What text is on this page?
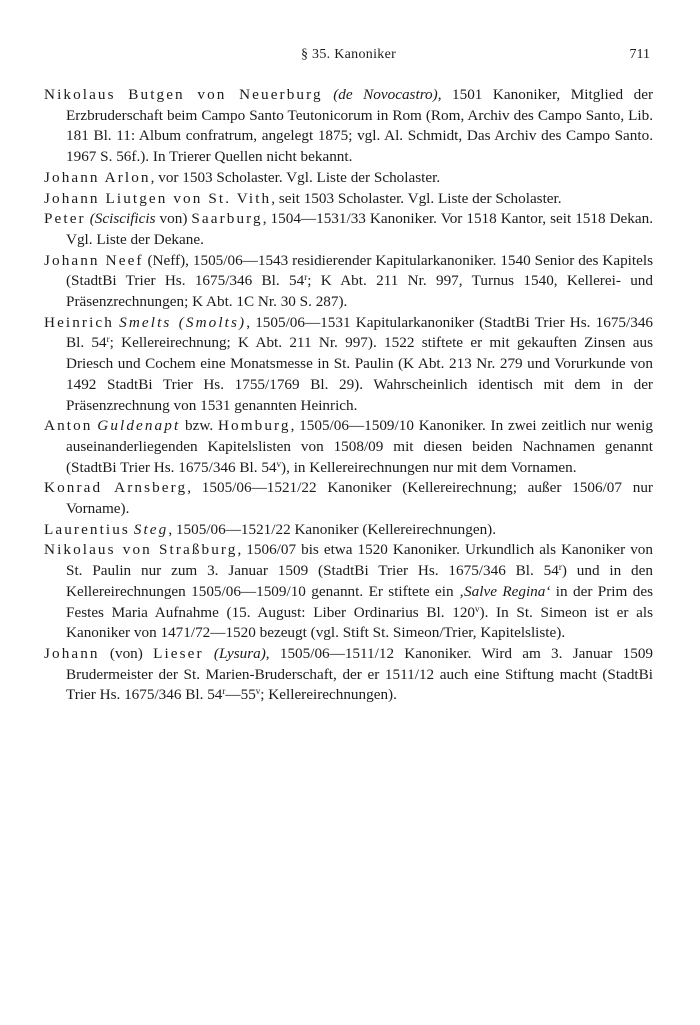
§ 35. Kanoniker	711

Nikolaus Butgen von Neuerburg (de Novocastro), 1501 Kanoniker, Mitglied der Erzbruderschaft beim Campo Santo Teutonicorum in Rom (Rom, Archiv des Campo Santo, Lib. 181 Bl. 11: Album confratrum, angelegt 1875; vgl. Al. Schmidt, Das Archiv des Campo Santo. 1967 S. 56f.). In Trierer Quellen nicht bekannt.

Johann Arlon, vor 1503 Scholaster. Vgl. Liste der Scholaster.

Johann Liutgen von St. Vith, seit 1503 Scholaster. Vgl. Liste der Scholaster.

Peter (Sciscificis von) Saarburg, 1504—1531/33 Kanoniker. Vor 1518 Kantor, seit 1518 Dekan. Vgl. Liste der Dekane.

Johann Neef (Neff), 1505/06—1543 residierender Kapitularkanoniker. 1540 Senior des Kapitels (StadtBi Trier Hs. 1675/346 Bl. 54$^r$; K Abt. 211 Nr. 997, Turnus 1540, Kellerei- und Präsenzrechnungen; K Abt. 1C Nr. 30 S. 287).

Heinrich Smelts (Smolts), 1505/06—1531 Kapitularkanoniker (StadtBi Trier Hs. 1675/346 Bl. 54$^r$; Kellereirechnung; K Abt. 211 Nr. 997). 1522 stiftete er mit gekauften Zinsen aus Driesch und Cochem eine Monatsmesse in St. Paulin (K Abt. 213 Nr. 279 und Vorurkunde von 1492 StadtBi Trier Hs. 1755/1769 Bl. 29). Wahrscheinlich identisch mit dem in der Präsenzrechnung von 1531 genannten Heinrich.

Anton Guldenapt bzw. Homburg, 1505/06—1509/10 Kanoniker. In zwei zeitlich nur wenig auseinanderliegenden Kapitelslisten von 1508/09 mit diesen beiden Nachnamen genannt (StadtBi Trier Hs. 1675/346 Bl. 54$^v$), in Kellereirechnungen nur mit dem Vornamen.

Konrad Arnsberg, 1505/06—1521/22 Kanoniker (Kellereirechnung; außer 1506/07 nur Vorname).

Laurentius Steg, 1505/06—1521/22 Kanoniker (Kellereirechnungen).

Nikolaus von Straßburg, 1506/07 bis etwa 1520 Kanoniker. Urkundlich als Kanoniker von St. Paulin nur zum 3. Januar 1509 (StadtBi Trier Hs. 1675/346 Bl. 54$^r$) und in den Kellereirechnungen 1505/06—1509/10 genannt. Er stiftete ein ‚Salve Regina‘ in der Prim des Festes Maria Aufnahme (15. August: Liber Ordinarius Bl. 120$^v$). In St. Simeon ist er als Kanoniker von 1471/72—1520 bezeugt (vgl. Stift St. Simeon/Trier, Kapitelsliste).

Johann (von) Lieser (Lysura), 1505/06—1511/12 Kanoniker. Wird am 3. Januar 1509 Brudermeister der St. Marien-Bruderschaft, der er 1511/12 auch eine Stiftung macht (StadtBi Trier Hs. 1675/346 Bl. 54$^r$—55$^v$; Kellereirechnungen).
